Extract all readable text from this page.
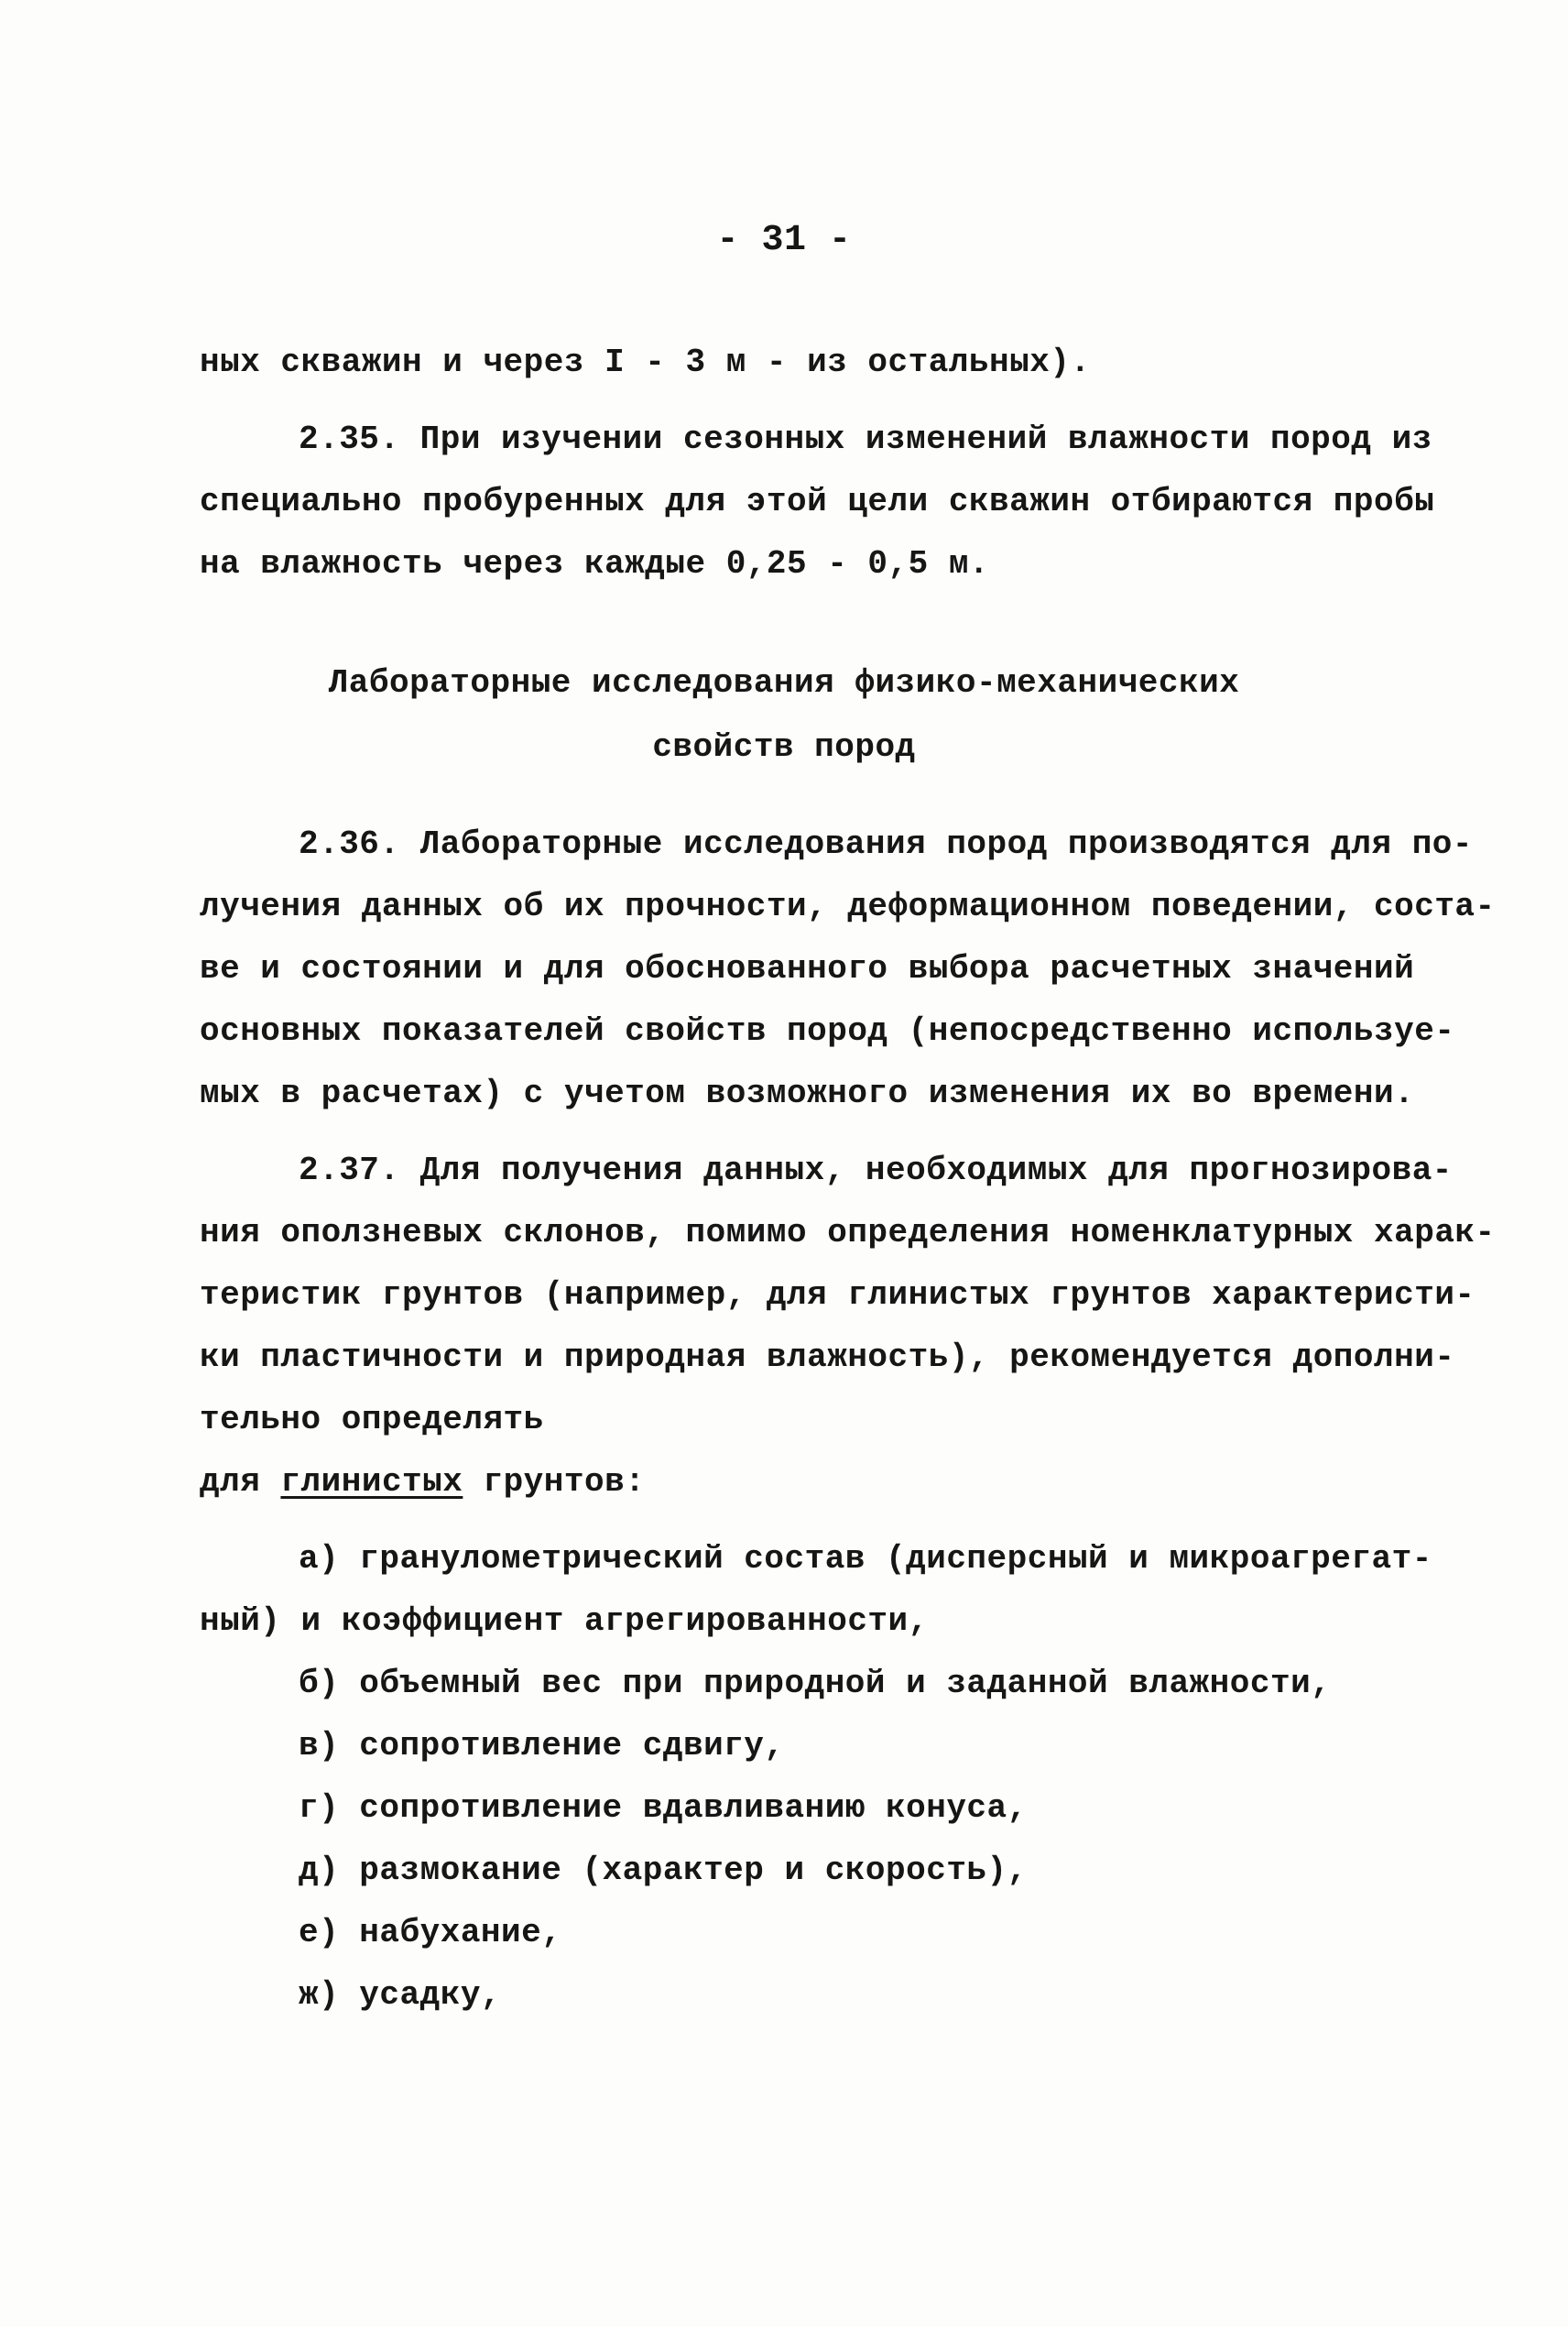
- 31 -
ных скважин и через I - 3 м - из остальных).
2.35. При изучении сезонных изменений влажности пород из
специально пробуренных для этой цели скважин отбираются пробы
на влажность через каждые 0,25 - 0,5 м.
Лабораторные исследования физико-механических
свойств пород
2.36. Лабораторные исследования пород производятся для по-
лучения данных об их прочности, деформационном поведении, соста-
ве и состоянии и для обоснованного выбора расчетных значений
основных показателей свойств пород (непосредственно используе-
мых в расчетах) с учетом возможного изменения их во времени.
2.37. Для получения данных, необходимых для прогнозирова-
ния оползневых склонов, помимо определения номенклатурных харак-
теристик грунтов (например, для глинистых грунтов характеристи-
ки пластичности и природная влажность), рекомендуется дополни-
тельно определять
для глинистых грунтов:
а) гранулометрический состав (дисперсный и микроагрегат-
ный) и коэффициент агрегированности,
б) объемный вес при природной и заданной влажности,
в) сопротивление сдвигу,
г) сопротивление вдавливанию конуса,
д) размокание (характер и скорость),
е) набухание,
ж) усадку,
